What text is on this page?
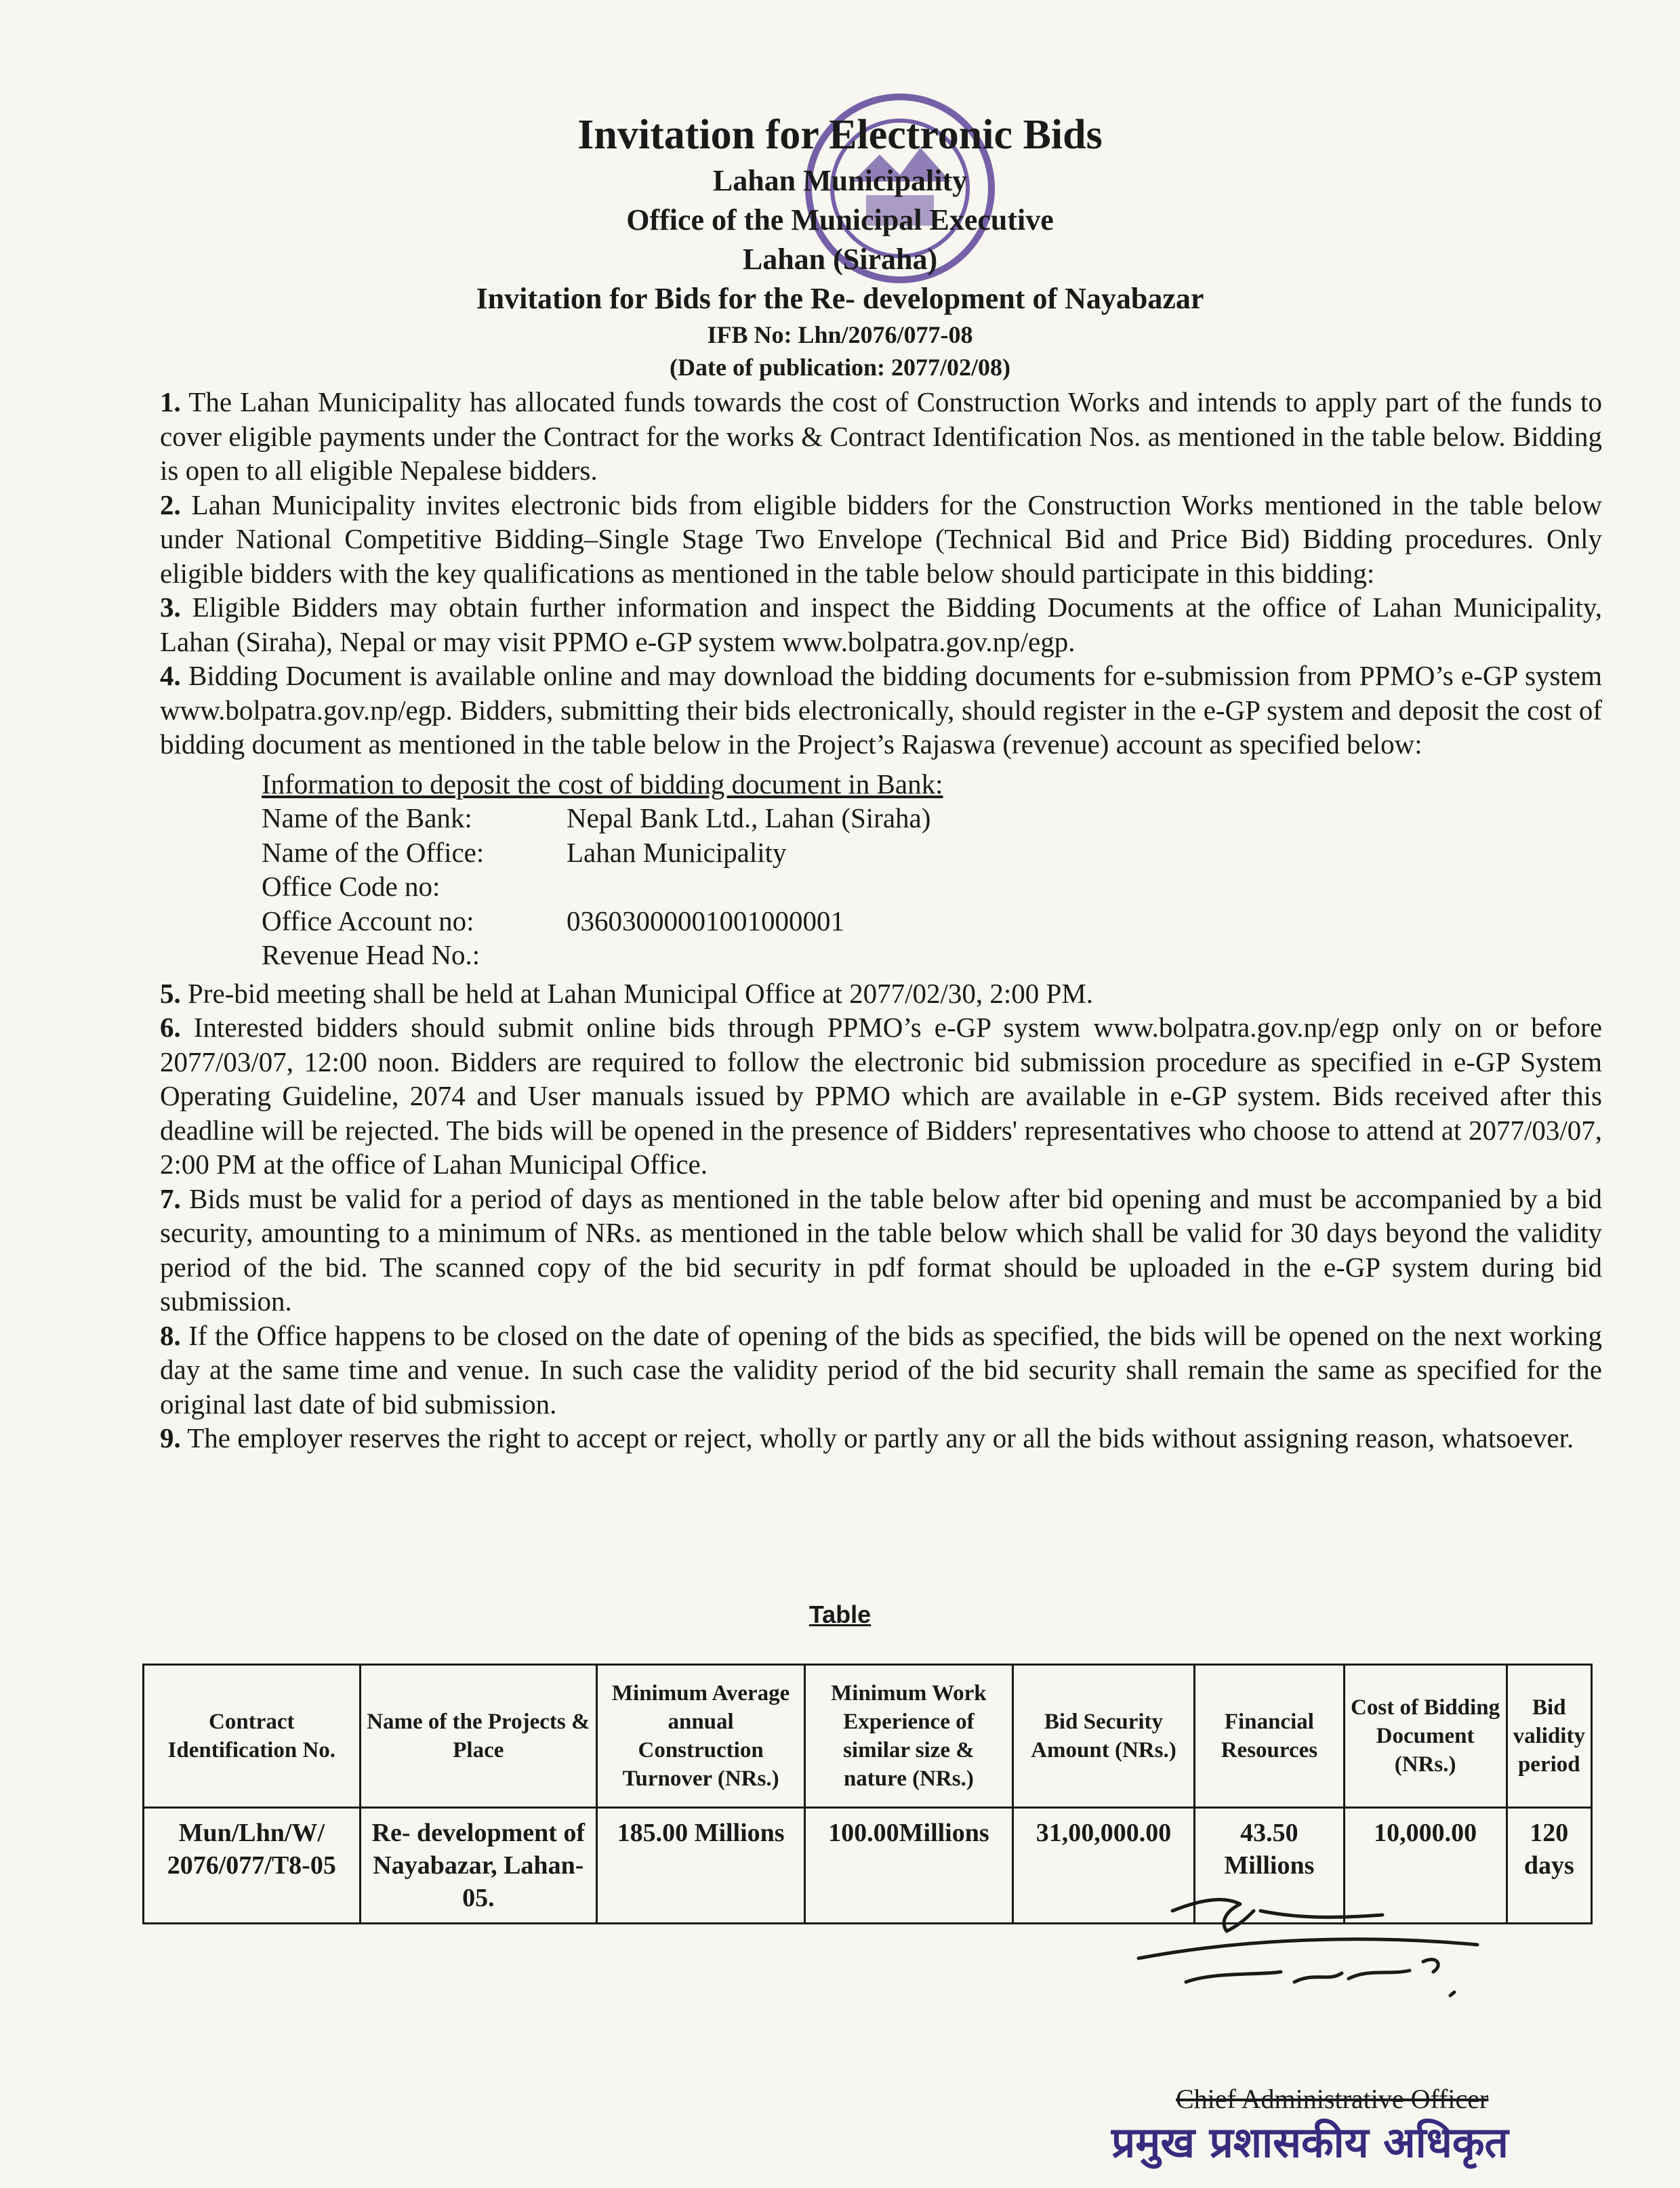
Invitation for Electronic Bids
Lahan Municipality
Office of the Municipal Executive
Lahan (Siraha)
Invitation for Bids for the Re- development of Nayabazar
IFB No: Lhn/2076/077-08
(Date of publication: 2077/02/08)

1. The Lahan Municipality has allocated funds towards the cost of Construction Works and intends to apply part of the funds to cover eligible payments under the Contract for the works & Contract Identification Nos. as mentioned in the table below. Bidding is open to all eligible Nepalese bidders.

2. Lahan Municipality invites electronic bids from eligible bidders for the Construction Works mentioned in the table below under National Competitive Bidding–Single Stage Two Envelope (Technical Bid and Price Bid) Bidding procedures. Only eligible bidders with the key qualifications as mentioned in the table below should participate in this bidding:

3. Eligible Bidders may obtain further information and inspect the Bidding Documents at the office of Lahan Municipality, Lahan (Siraha), Nepal or may visit PPMO e-GP system www.bolpatra.gov.np/egp.

4. Bidding Document is available online and may download the bidding documents for e-submission from PPMO’s e-GP system www.bolpatra.gov.np/egp. Bidders, submitting their bids electronically, should register in the e-GP system and deposit the cost of bidding document as mentioned in the table below in the Project’s Rajaswa (revenue) account as specified below:

Information to deposit the cost of bidding document in Bank:
Name of the Bank:	Nepal Bank Ltd., Lahan (Siraha)
Name of the Office:	Lahan Municipality
Office Code no:
Office Account no:	03603000001001000001
Revenue Head No.:

5. Pre-bid meeting shall be held at Lahan Municipal Office at 2077/02/30, 2:00 PM.

6. Interested bidders should submit online bids through PPMO’s e-GP system www.bolpatra.gov.np/egp only on or before 2077/03/07, 12:00 noon. Bidders are required to follow the electronic bid submission procedure as specified in e-GP System Operating Guideline, 2074 and User manuals issued by PPMO which are available in e-GP system. Bids received after this deadline will be rejected. The bids will be opened in the presence of Bidders' representatives who choose to attend at 2077/03/07, 2:00 PM at the office of Lahan Municipal Office.

7. Bids must be valid for a period of days as mentioned in the table below after bid opening and must be accompanied by a bid security, amounting to a minimum of NRs. as mentioned in the table below which shall be valid for 30 days beyond the validity period of the bid. The scanned copy of the bid security in pdf format should be uploaded in the e-GP system during bid submission.

8. If the Office happens to be closed on the date of opening of the bids as specified, the bids will be opened on the next working day at the same time and venue. In such case the validity period of the bid security shall remain the same as specified for the original last date of bid submission.

9. The employer reserves the right to accept or reject, wholly or partly any or all the bids without assigning reason, whatsoever.

Table
Contract Identification No.	Name of the Projects & Place	Minimum Average annual Construction Turnover (NRs.)	Minimum Work Experience of similar size & nature (NRs.)	Bid Security Amount (NRs.)	Financial Resources	Cost of Bidding Document (NRs.)	Bid validity period
Mun/Lhn/W/ 2076/077/T8-05	Re- development of Nayabazar, Lahan- 05.	185.00 Millions	100.00Millions	31,00,000.00	43.50 Millions	10,000.00	120 days
Chief Administrative Officer
प्रमुख प्रशासकीय अधिकृत
